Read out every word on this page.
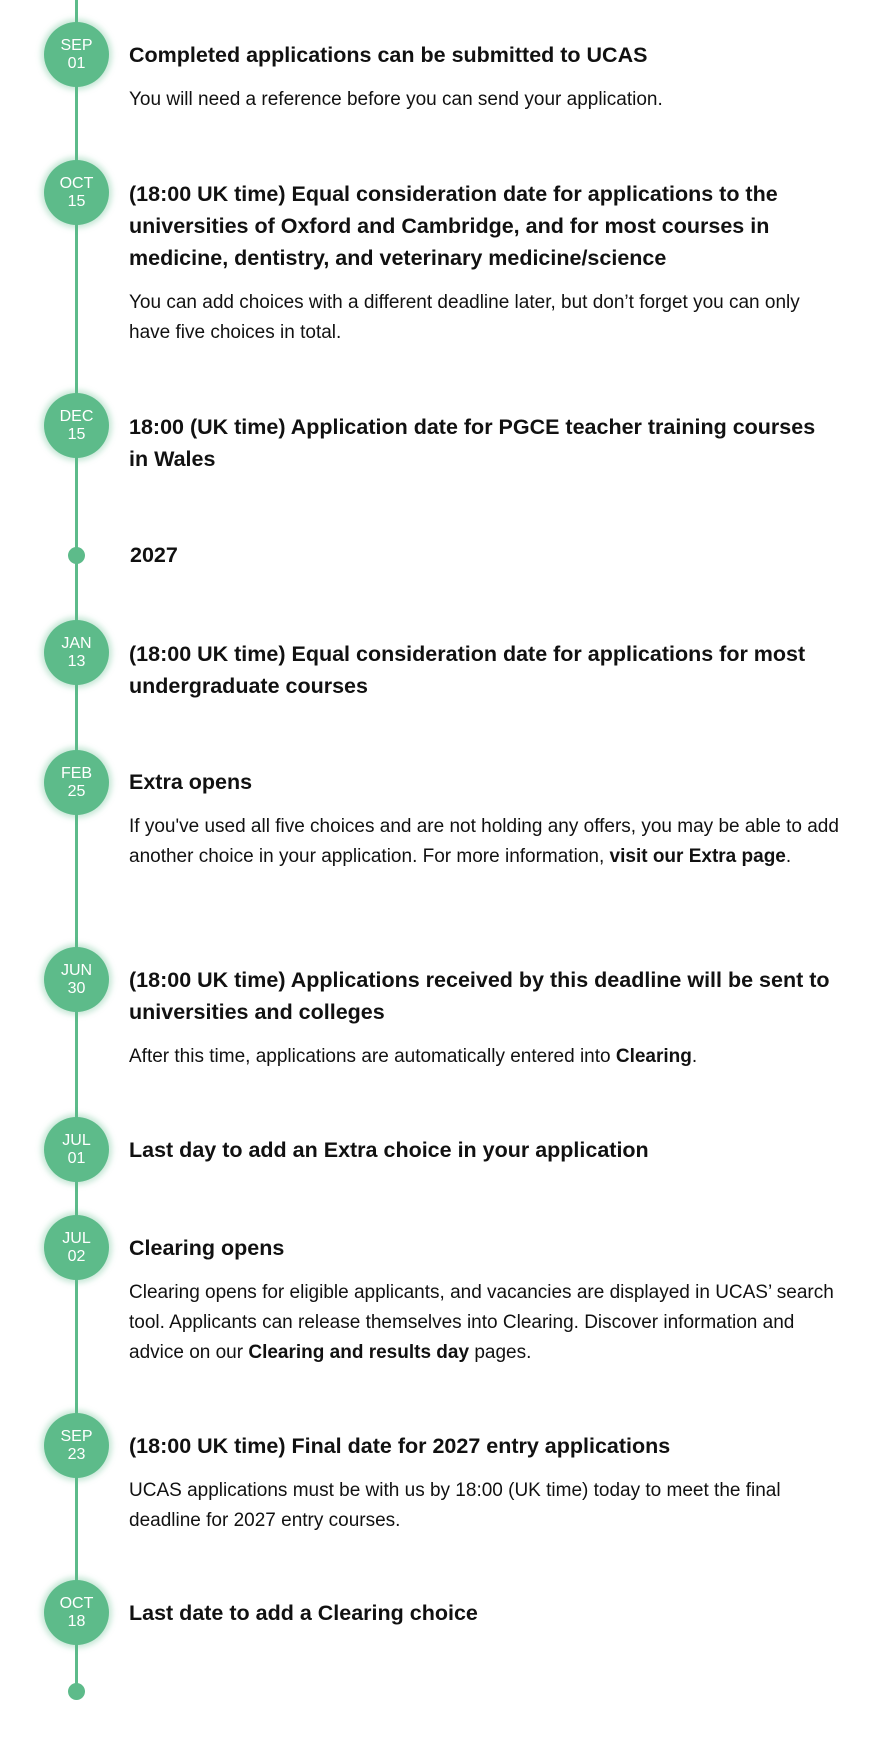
SEP
01 Completed applications can be submitted to UCAS

You will need a reference before you can send your application.

OCT
15 (18:00 UK time) Equal consideration date for applications to the universities of Oxford and Cambridge, and for most courses in medicine, dentistry, and veterinary medicine/science

You can add choices with a different deadline later, but don’t forget you can only have five choices in total.

DEC
15 18:00 (UK time) Application date for PGCE teacher training courses in Wales

2027
JAN
13 (18:00 UK time) Equal consideration date for applications for most undergraduate courses

FEB
25 Extra opens

If you've used all five choices and are not holding any offers, you may be able to add another choice in your application. For more information, visit our Extra page.

JUN
30 (18:00 UK time) Applications received by this deadline will be sent to universities and colleges

After this time, applications are automatically entered into Clearing.

JUL
01 Last day to add an Extra choice in your application

JUL
02 Clearing opens

Clearing opens for eligible applicants, and vacancies are displayed in UCAS’ search tool. Applicants can release themselves into Clearing. Discover information and advice on our Clearing and results day pages.

SEP
23 (18:00 UK time) Final date for 2027 entry applications

UCAS applications must be with us by 18:00 (UK time) today to meet the final deadline for 2027 entry courses.

OCT
18 Last date to add a Clearing choice
